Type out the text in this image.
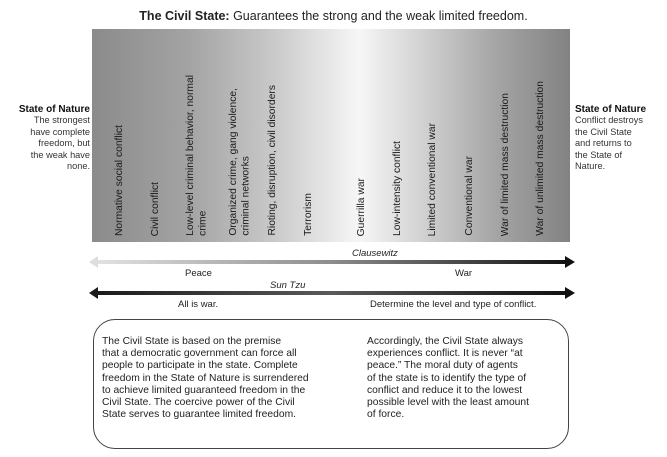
The Civil State: Guarantees the strong and the weak limited freedom.
State of Nature
The strongest
have complete
freedom, but
the weak have
none.
State of Nature
Conflict destroys
the Civil State
and returns to
the State of
Nature.
Normative social conflict Civil conflict Low-level criminal behavior, normal crime Organized crime, gang violence, criminal networks Rioting, disruption, civil disorders Terrorism	Guerrilla war Low-intensity conflict Limited conventional war	Conventional war War of limited mass destruction War of unlimited mass destruction
Clausewitz
Peace	War
Sun Tzu
All is war.	Determine the level and type of conflict.
The Civil State is based on the premise
that a democratic government can force all
people to participate in the state. Complete
freedom in the State of Nature is surrendered
to achieve limited guaranteed freedom in the
Civil State. The coercive power of the Civil
State serves to guarantee limited freedom.
Accordingly, the Civil State always
experiences conflict. It is never “at
peace.” The moral duty of agents
of the state is to identify the type of
conflict and reduce it to the lowest
possible level with the least amount
of force.
